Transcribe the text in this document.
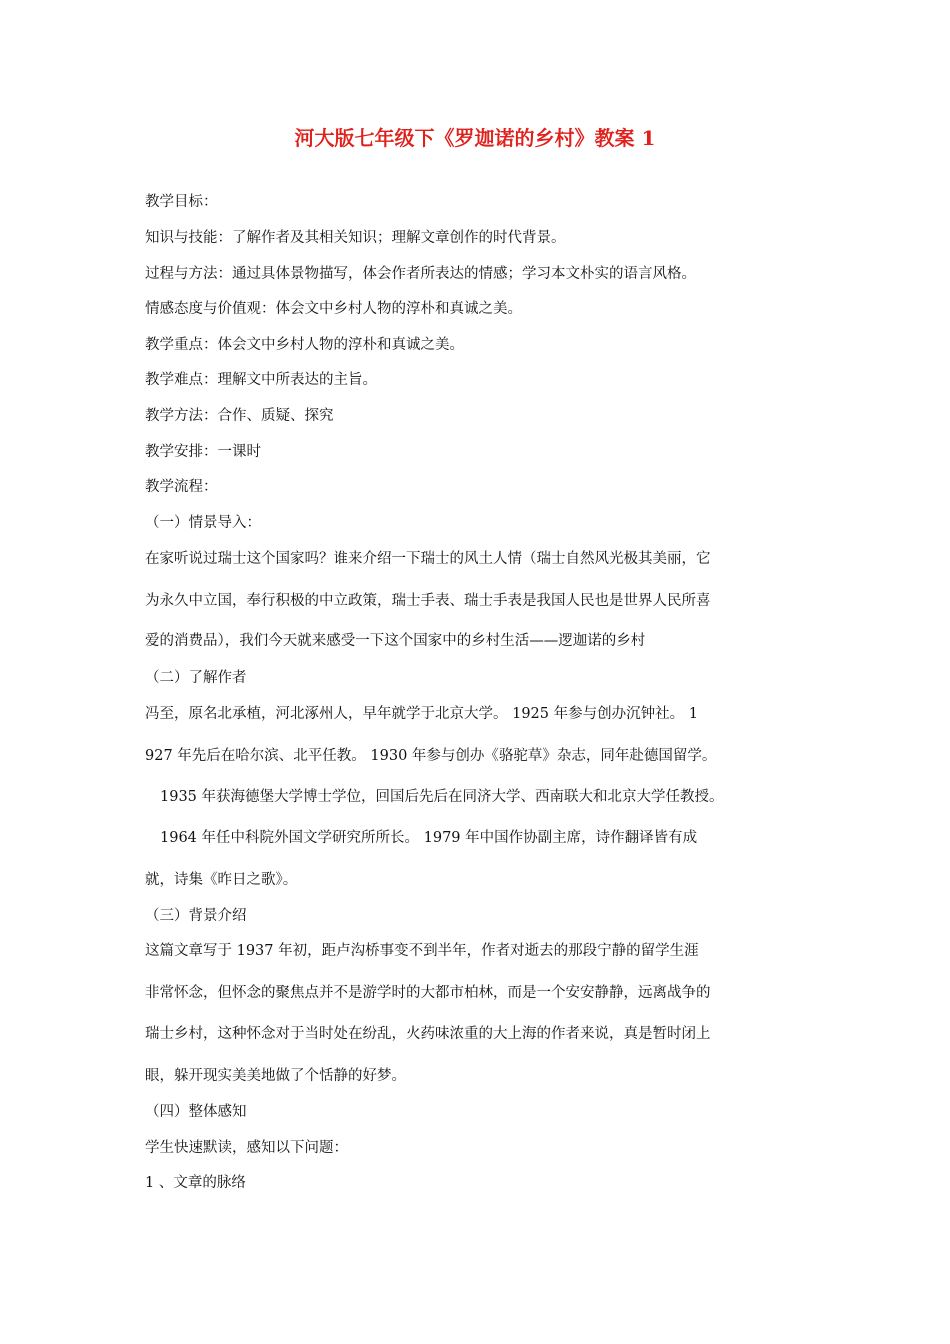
河大版七年级下《罗迦诺的乡村》教案 1
教学目标：
知识与技能：了解作者及其相关知识；理解文章创作的时代背景。
过程与方法：通过具体景物描写，体会作者所表达的情感；学习本文朴实的语言风格。
情感态度与价值观：体会文中乡村人物的淳朴和真诚之美。
教学重点：体会文中乡村人物的淳朴和真诚之美。
教学难点：理解文中所表达的主旨。
教学方法：合作、质疑、探究
教学安排：一课时
教学流程：
（一）情景导入：
在家听说过瑞士这个国家吗？谁来介绍一下瑞士的风土人情（瑞士自然风光极其美丽，它
为永久中立国，奉行积极的中立政策，瑞士手表、瑞士手表是我国人民也是世界人民所喜
爱的消费品），我们今天就来感受一下这个国家中的乡村生活——逻迦诺的乡村
（二）了解作者
冯至，原名北承植，河北涿州人，早年就学于北京大学。 1925 年参与创办沉钟社。 1
927 年先后在哈尔滨、北平任教。 1930 年参与创办《骆驼草》杂志，同年赴德国留学。
1935 年获海德堡大学博士学位，回国后先后在同济大学、西南联大和北京大学任教授。
1964 年任中科院外国文学研究所所长。 1979 年中国作协副主席，诗作翻译皆有成
就，诗集《昨日之歌》。
（三）背景介绍
这篇文章写于 1937 年初，距卢沟桥事变不到半年，作者对逝去的那段宁静的留学生涯
非常怀念，但怀念的聚焦点并不是游学时的大都市柏林，而是一个安安静静，远离战争的
瑞士乡村，这种怀念对于当时处在纷乱，火药味浓重的大上海的作者来说，真是暂时闭上
眼，躲开现实美美地做了个恬静的好梦。
（四）整体感知
学生快速默读，感知以下问题：
1 、文章的脉络
